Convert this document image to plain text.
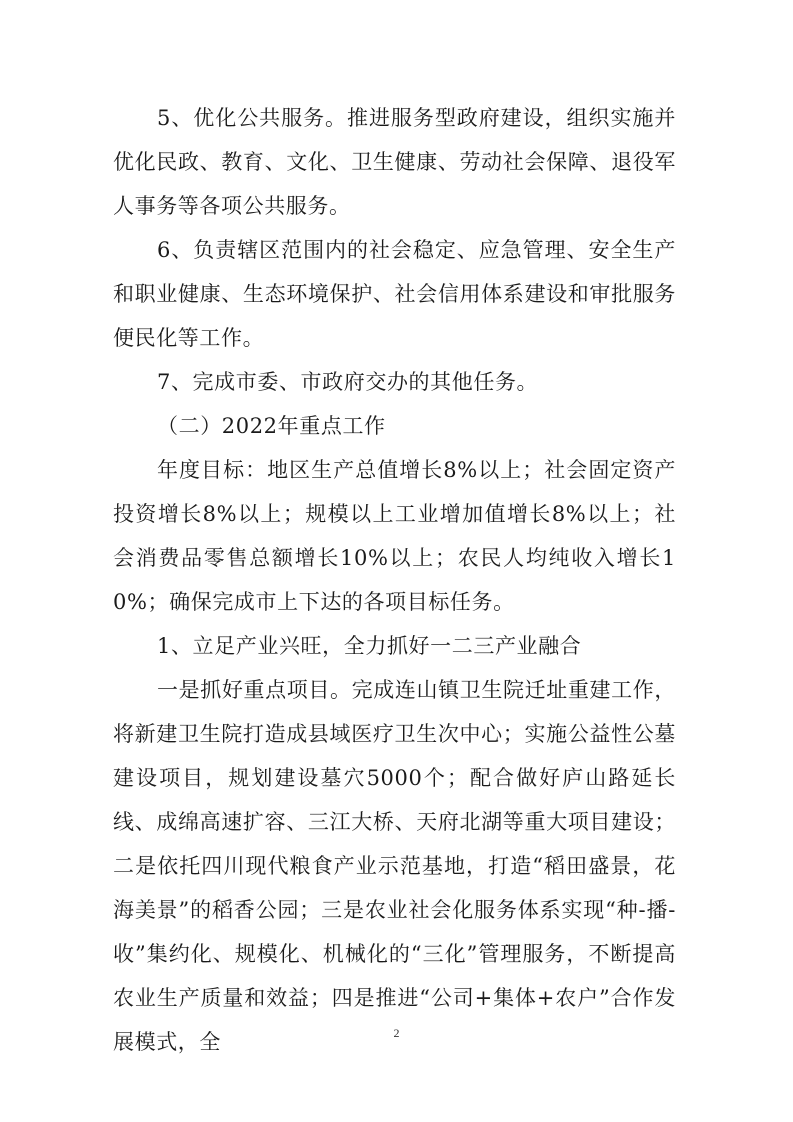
5、优化公共服务。推进服务型政府建设，组织实施并优化民政、教育、文化、卫生健康、劳动社会保障、退役军人事务等各项公共服务。

6、负责辖区范围内的社会稳定、应急管理、安全生产和职业健康、生态环境保护、社会信用体系建设和审批服务便民化等工作。

7、完成市委、市政府交办的其他任务。

（二）2022年重点工作

年度目标：地区生产总值增长8%以上；社会固定资产投资增长8%以上；规模以上工业增加值增长8%以上；社会消费品零售总额增长10%以上；农民人均纯收入增长10%；确保完成市上下达的各项目标任务。

1、立足产业兴旺，全力抓好一二三产业融合

一是抓好重点项目。完成连山镇卫生院迁址重建工作，将新建卫生院打造成县域医疗卫生次中心；实施公益性公墓建设项目，规划建设墓穴5000个；配合做好庐山路延长线、成绵高速扩容、三江大桥、天府北湖等重大项目建设；二是依托四川现代粮食产业示范基地，打造“稻田盛景，花海美景”的稻香公园；三是农业社会化服务体系实现“种-播-收”集约化、规模化、机械化的“三化”管理服务，不断提高农业生产质量和效益；四是推进“公司+集体+农户”合作发展模式，全	2
